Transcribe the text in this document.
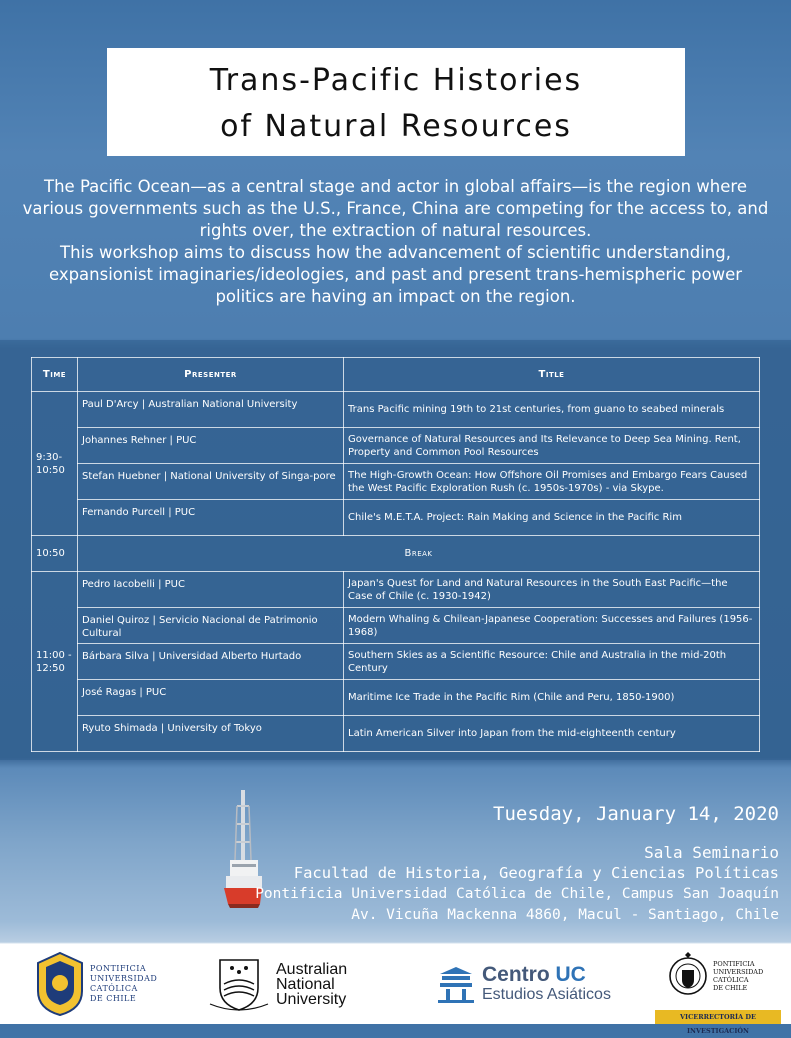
Trans-Pacific Histories
of Natural Resources
The Pacific Ocean—as a central stage and actor in global affairs—is the region where
various governments such as the U.S., France, China are competing for the access to, and
rights over, the extraction of natural resources.
This workshop aims to discuss how the advancement of scientific understanding,
expansionist imaginaries/ideologies, and past and present trans-hemispheric power
politics are having an impact on the region.
Time	Presenter	Title
9:30-
10:50	Paul D'Arcy | Australian National University	Trans Pacific mining 19th to 21st centuries, from guano to seabed minerals
	Johannes Rehner | PUC	Governance of Natural Resources and Its Relevance to Deep Sea Mining. Rent, Property and Common Pool Resources
	Stefan Huebner | National University of Singa-pore	The High-Growth Ocean: How Offshore Oil Promises and Embargo Fears Caused the West Pacific Exploration Rush (c. 1950s-1970s) - via Skype.
	Fernando Purcell | PUC	Chile's M.E.T.A. Project: Rain Making and Science in the Pacific Rim
10:50	Break	
11:00 -
12:50	Pedro Iacobelli | PUC	Japan's Quest for Land and Natural Resources in the South East Pacific—the Case of Chile (c. 1930-1942)
	Daniel Quiroz | Servicio Nacional de Patrimonio Cultural	Modern Whaling & Chilean-Japanese Cooperation: Successes and Failures (1956-1968)
	Bárbara Silva | Universidad Alberto Hurtado	Southern Skies as a Scientific Resource: Chile and Australia in the mid-20th Century
	José Ragas | PUC	Maritime Ice Trade in the Pacific Rim (Chile and Peru, 1850-1900)
	Ryuto Shimada | University of Tokyo	Latin American Silver into Japan from the mid-eighteenth century
Tuesday, January 14, 2020
Sala Seminario
Facultad de Historia, Geografía y Ciencias Políticas
Pontificia Universidad Católica de Chile, Campus San Joaquín
Av. Vicuña Mackenna 4860, Macul - Santiago, Chile
PONTIFICIA
UNIVERSIDAD
CATÓLICA
DE CHILE
Australian
National
University
Centro UC
Estudios Asiáticos
PONTIFICIA
UNIVERSIDAD
CATÓLICA
DE CHILE
VICERRECTORÍA DE INVESTIGACIÓN
